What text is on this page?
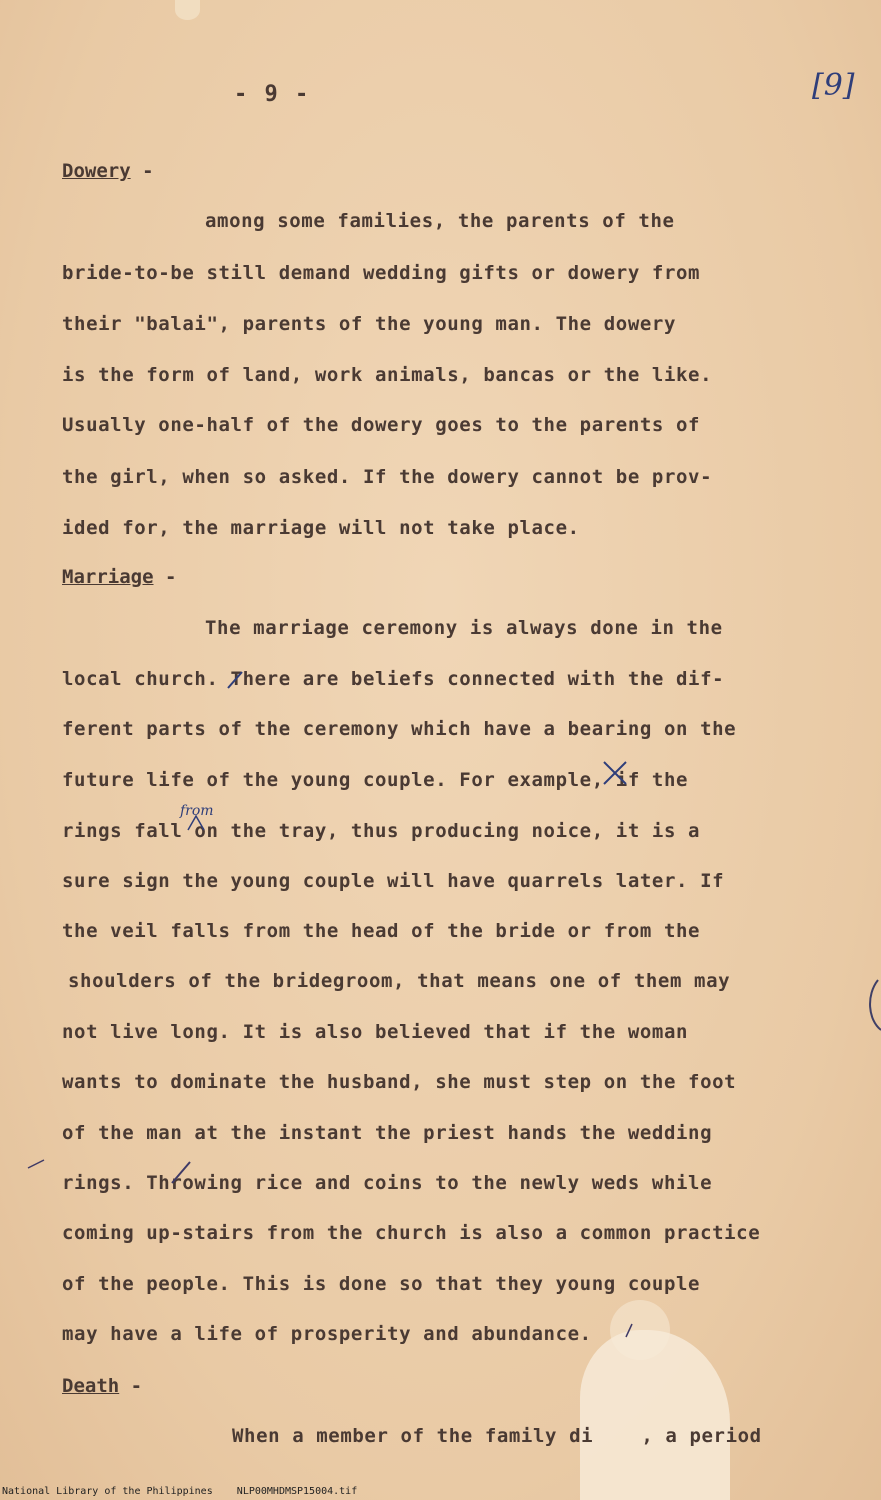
- 9 -	[9]
Dowery -
among some families, the parents of the
bride-to-be still demand wedding gifts or dowery from
their "balai", parents of the young man. The dowery
is the form of land, work animals, bancas or the like.
Usually one-half of the dowery goes to the parents of
the girl, when so asked. If the dowery cannot be prov-
ided for, the marriage will not take place.
Marriage -
The marriage ceremony is always done in the
local church. There are beliefs connected with the dif-
ferent parts of the ceremony which have a bearing on the
future life of the young couple. For example, if the
rings fall on the tray, thus producing noice, it is a
sure sign the young couple will have quarrels later. If
the veil falls from the head of the bride or from the
shoulders of the bridegroom, that means one of them may
not live long. It is also believed that if the woman
wants to dominate the husband, she must step on the foot
of the man at the instant the priest hands the wedding
rings. Throwing rice and coins to the newly weds while
coming up-stairs from the church is also a common practice
of the people. This is done so that they young couple
may have a life of prosperity and abundance.
Death -
When a member of the family di    , a period
from
National Library of the Philippines    NLP00MHDMSP15004.tif
